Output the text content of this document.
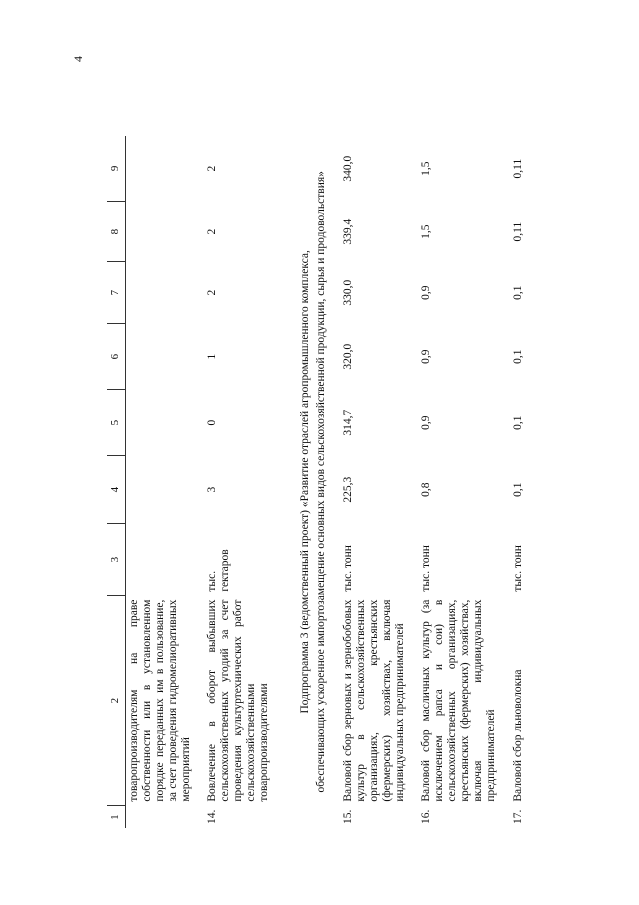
4
1	2	3	4	5	6	7	8	9
	товаропроизводителям на праве собственности или в установленном порядке переданных им в пользование, за счет проведения гидромелиоративных мероприятий							

14.	Вовлечение в оборот выбывших сельскохозяйственных угодий за счет проведения культуртехнических работ сельскохозяйственными товаропроизводителями	тыс. гектаров	3	0	1	2	2	2

Подпрограмма 3 (ведомственный проект) «Развитие отраслей агропромышленного комплекса, обеспечивающих ускоренное импортозамещение основных видов сельскохозяйственной продукции, сырья и продовольствия»								

15.	Валовой сбор зерновых и зернобобовых культур в сельскохозяйственных организациях, крестьянских (фермерских) хозяйствах, включая индивидуальных предпринимателей	тыс. тонн	225,3	314,7	320,0	330,0	339,4	340,0

16.	Валовой сбор масличных культур (за исключением рапса и сои) в сельскохозяйственных организациях, крестьянских (фермерских) хозяйствах, включая индивидуальных предпринимателей	тыс. тонн	0,8	0,9	0,9	0,9	1,5	1,5

17.	Валовой сбор льноволокна	тыс. тонн	0,1	0,1	0,1	0,1	0,11	0,11
